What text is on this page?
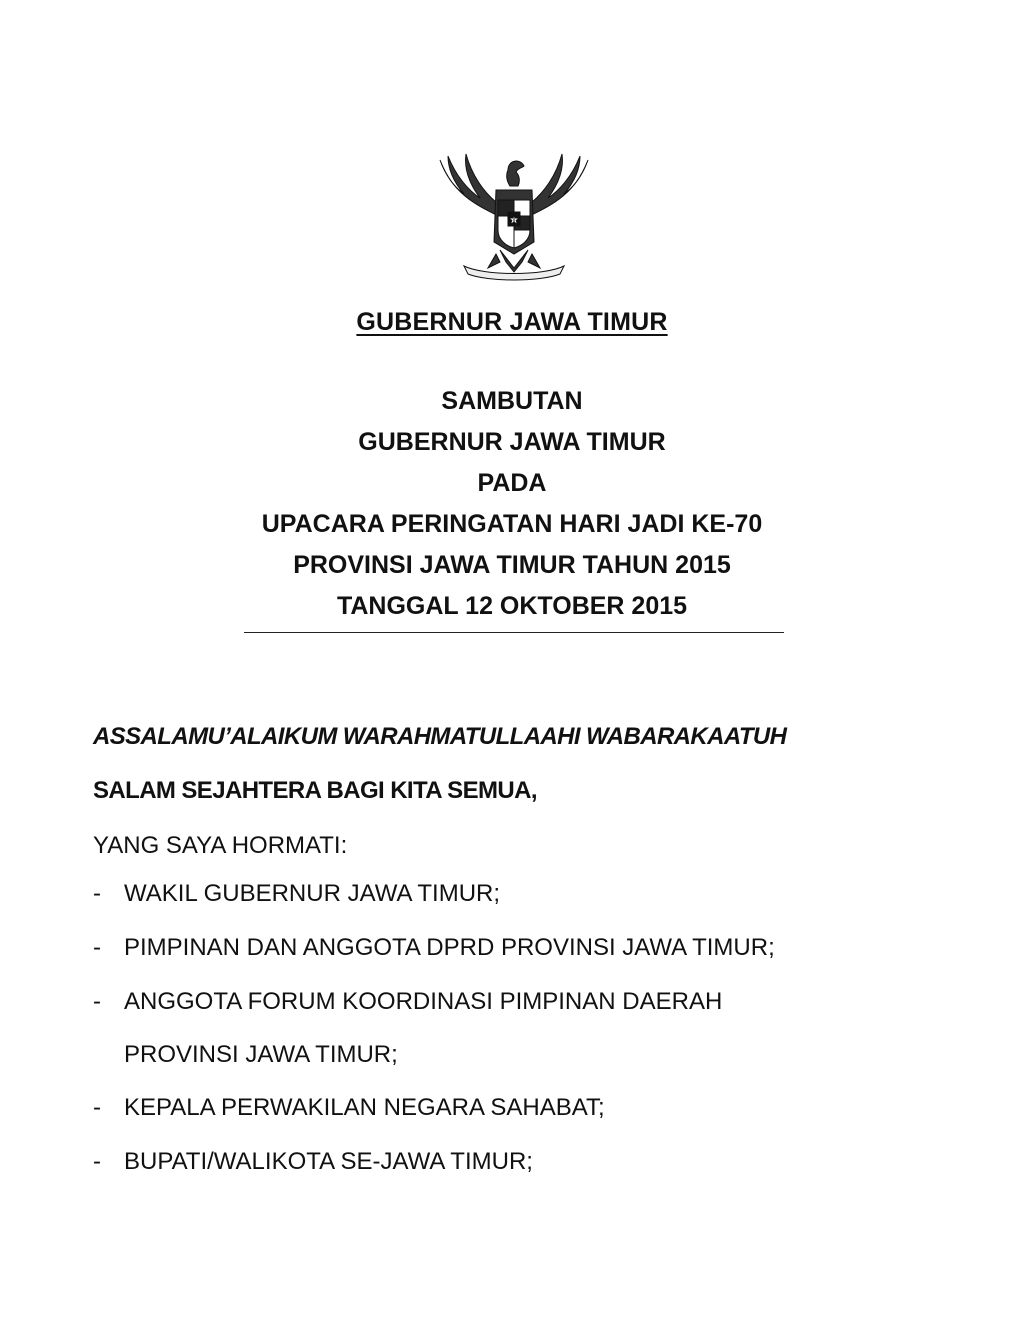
GUBERNUR JAWA TIMUR
SAMBUTAN
GUBERNUR JAWA TIMUR
PADA
UPACARA PERINGATAN HARI JADI KE-70
PROVINSI JAWA TIMUR TAHUN 2015
TANGGAL 12 OKTOBER 2015
ASSALAMU’ALAIKUM WARAHMATULLAAHI WABARAKAATUH
SALAM SEJAHTERA BAGI KITA SEMUA,
YANG SAYA HORMATI:
- WAKIL GUBERNUR JAWA TIMUR;
- PIMPINAN DAN ANGGOTA DPRD PROVINSI JAWA TIMUR;
- ANGGOTA FORUM KOORDINASI PIMPINAN DAERAH
PROVINSI JAWA TIMUR;
- KEPALA PERWAKILAN NEGARA SAHABAT;
- BUPATI/WALIKOTA SE-JAWA TIMUR;
